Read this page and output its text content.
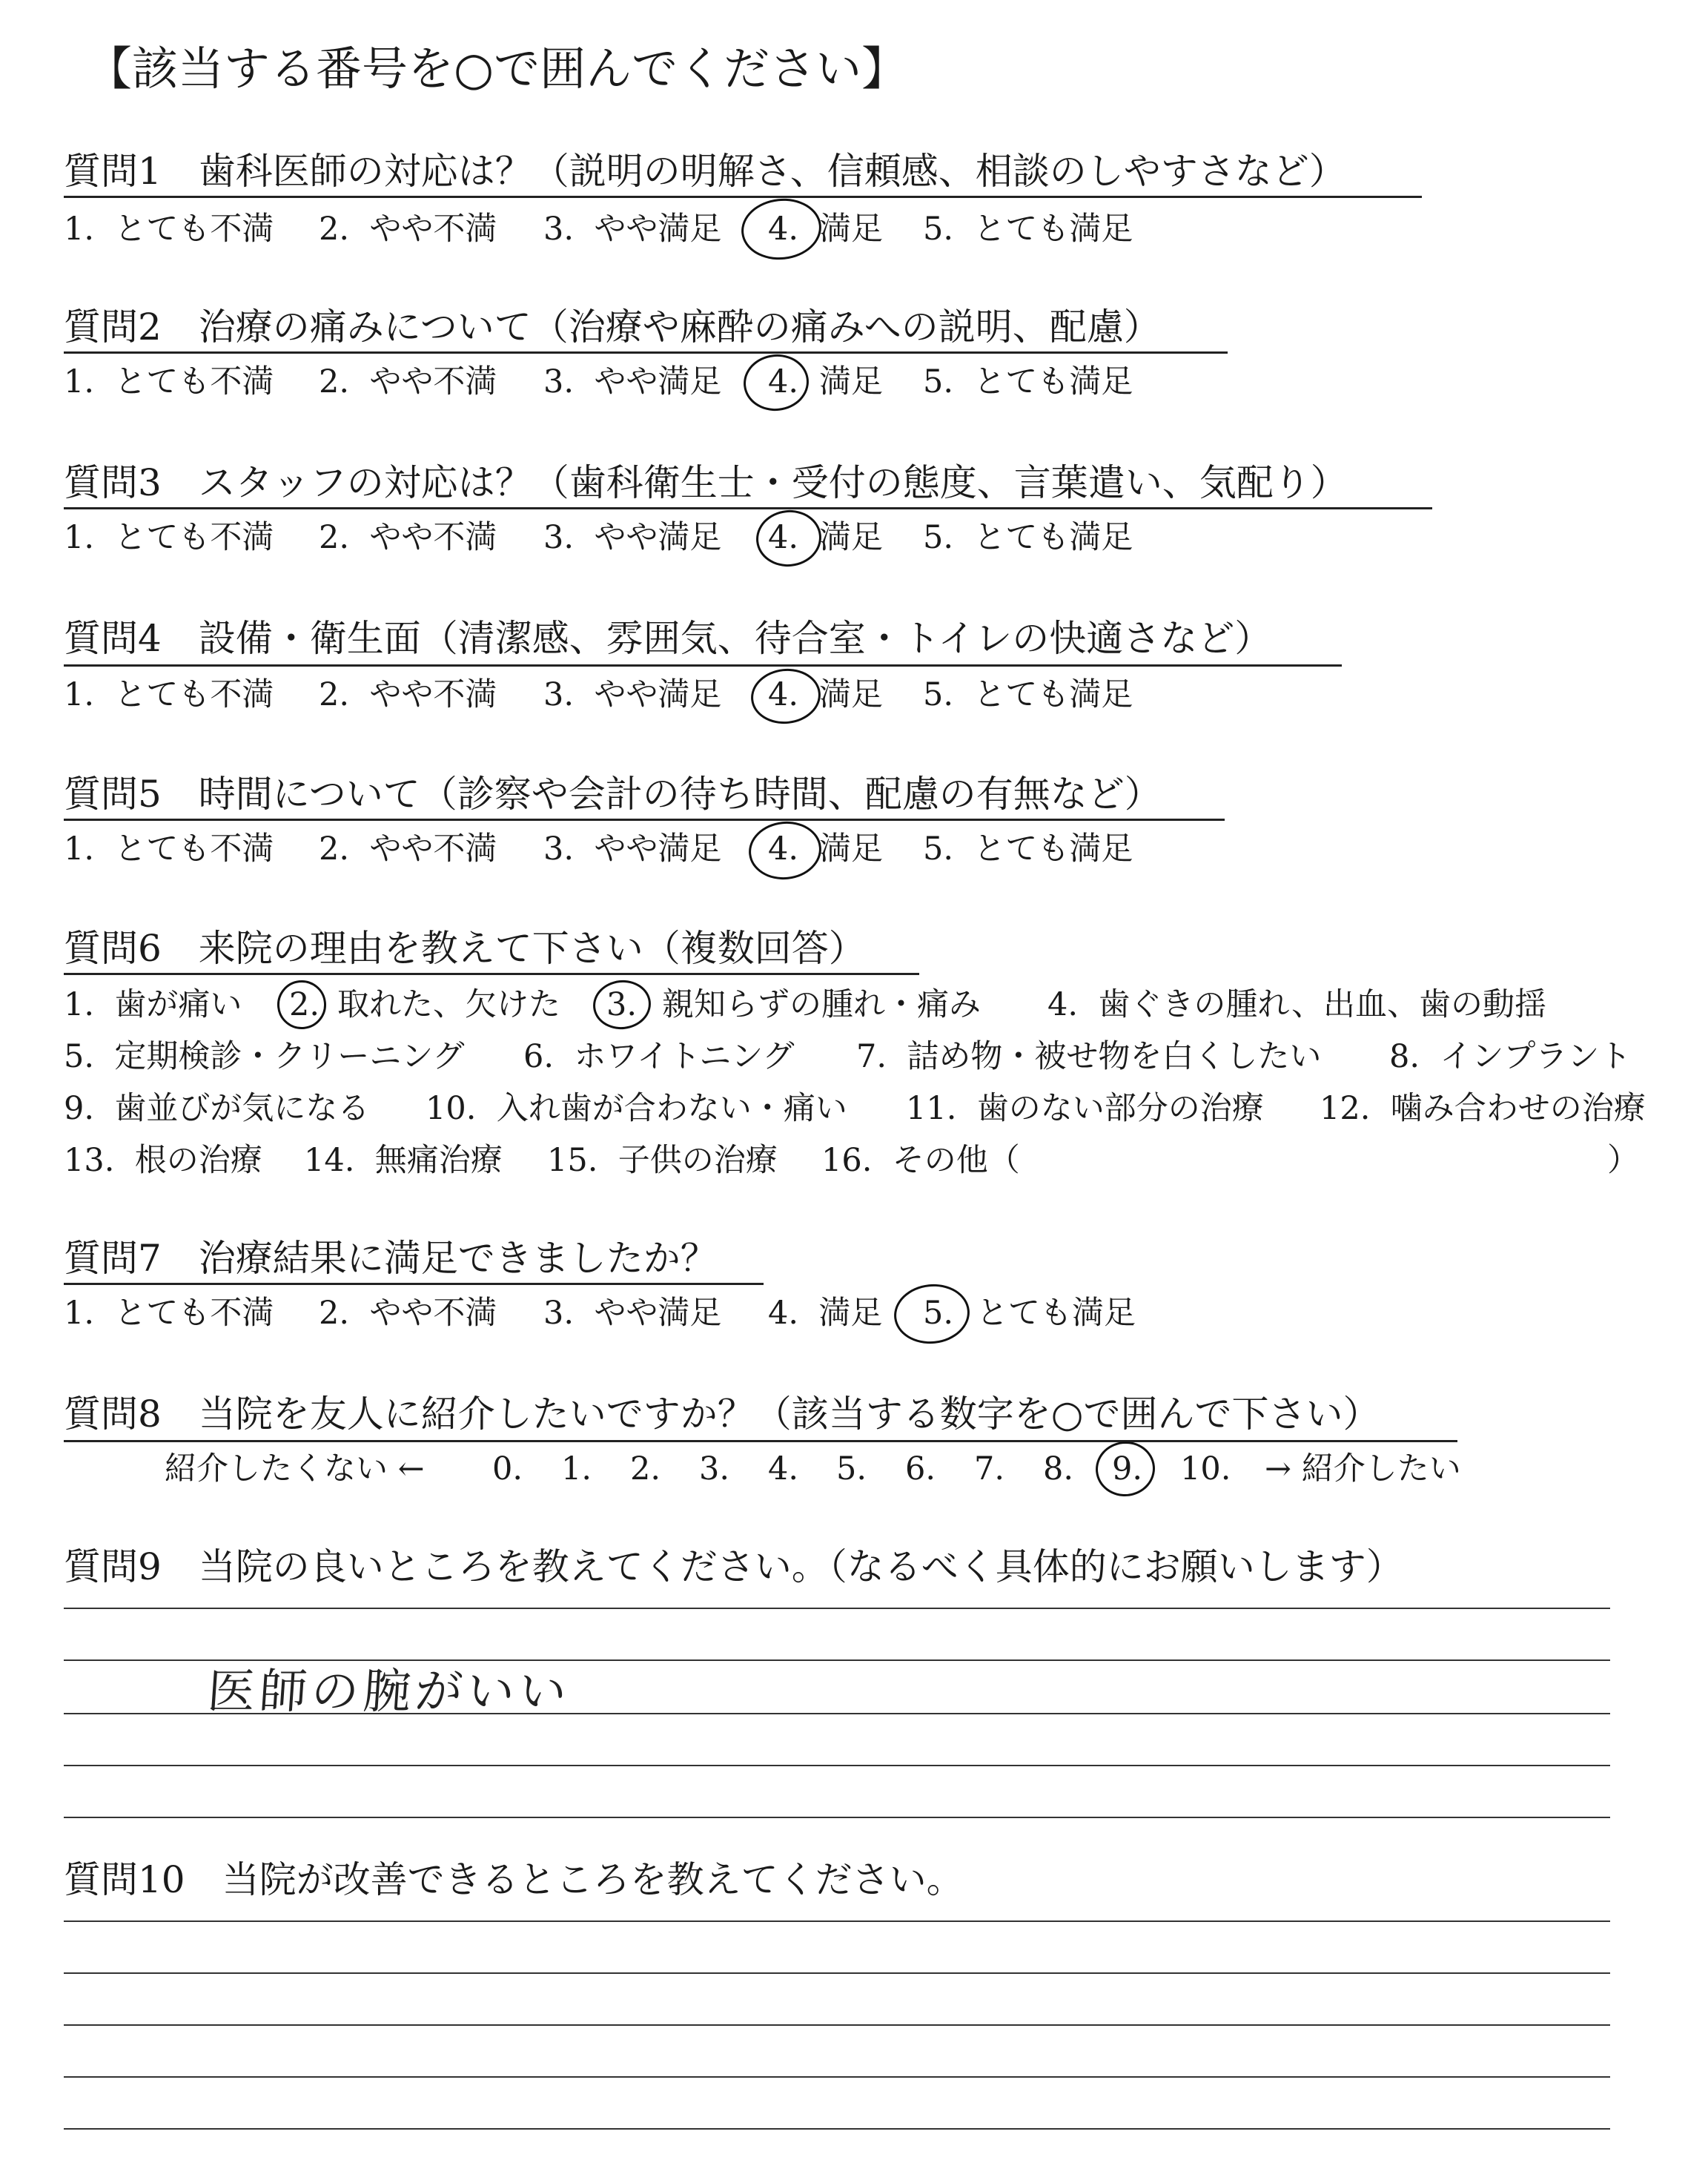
【該当する番号を○で囲んでください】
質問1　歯科医師の対応は？（説明の明解さ、信頼感、相談のしやすさなど）
1.  とても不満 2.  やや不満 3.  やや満足 4. 満足 5.  とても満足
質問2　治療の痛みについて（治療や麻酔の痛みへの説明、配慮）
1.  とても不満 2.  やや不満 3.  やや満足 4. 満足 5.  とても満足
質問3　スタッフの対応は？（歯科衛生士・受付の態度、言葉遣い、気配り）
1.  とても不満 2.  やや不満 3.  やや満足 4. 満足 5.  とても満足
質問4　設備・衛生面（清潔感、雰囲気、待合室・トイレの快適さなど）
1.  とても不満 2.  やや不満 3.  やや満足 4. 満足 5.  とても満足
質問5　時間について（診察や会計の待ち時間、配慮の有無など）
1.  とても不満 2.  やや不満 3.  やや満足 4. 満足 5.  とても満足
質問6　来院の理由を教えて下さい（複数回答）
1.  歯が痛い 2. 取れた、欠けた 3. 親知らずの腫れ・痛み 4.  歯ぐきの腫れ、出血、歯の動揺
5.  定期検診・クリーニング 6.  ホワイトニング 7.  詰め物・被せ物を白くしたい 8.  インプラント
9.  歯並びが気になる 10.  入れ歯が合わない・痛い 11.  歯のない部分の治療 12.  噛み合わせの治療
13.  根の治療 14.  無痛治療 15.  子供の治療 16.  その他（	）
質問7　治療結果に満足できましたか？
1.  とても不満 2.  やや不満 3.  やや満足 4.  満足 5. とても満足
質問8　当院を友人に紹介したいですか？（該当する数字を○で囲んで下さい）
紹介したくない ← 0. 1. 2. 3. 4. 5. 6. 7. 8. 9. 10. → 紹介したい
質問9　当院の良いところを教えてください。（なるべく具体的にお願いします）
医師の腕がいい
質問10　当院が改善できるところを教えてください。
